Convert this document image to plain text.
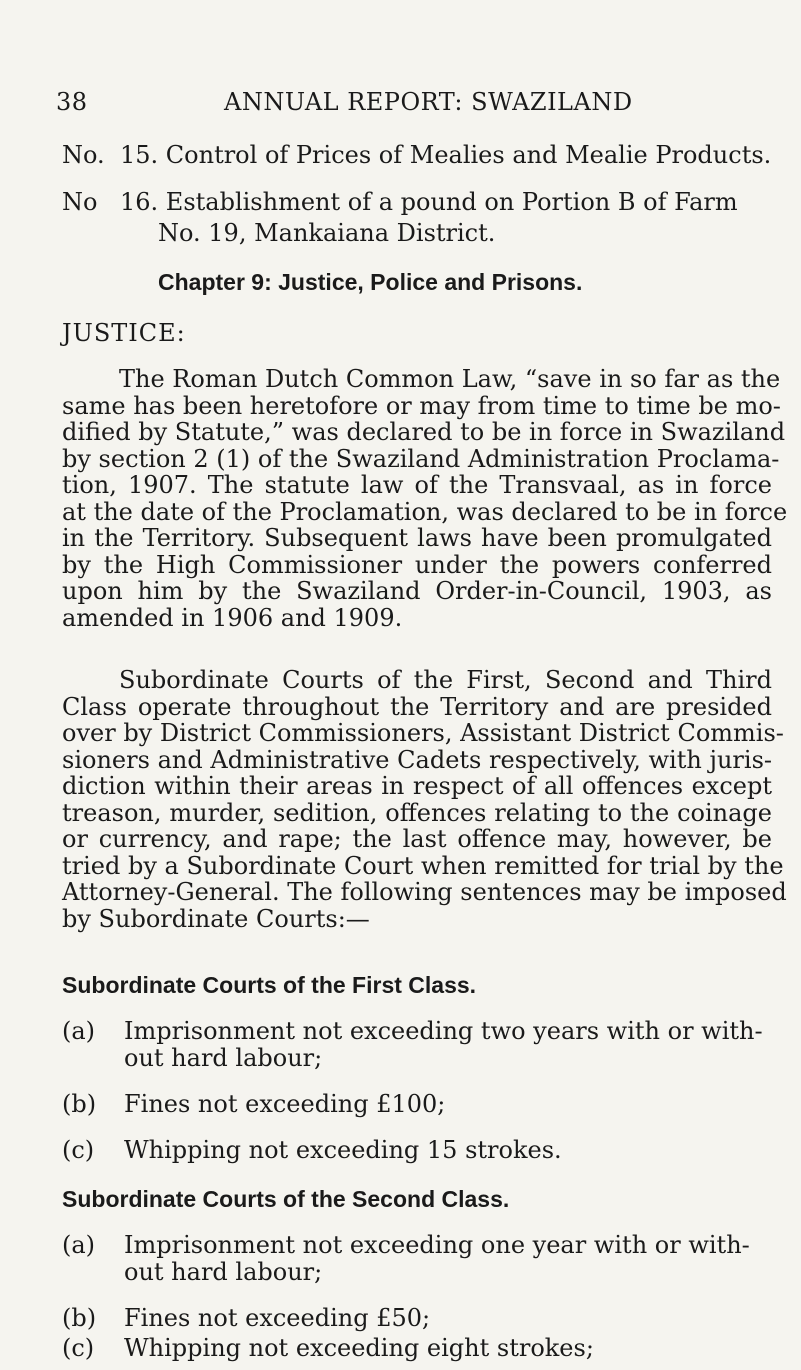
38	ANNUAL REPORT: SWAZILAND
No. 15. Control of Prices of Mealies and Mealie Products.
No 16. Establishment of a pound on Portion B of Farm
No. 19, Mankaiana District.
Chapter 9: Justice, Police and Prisons.
JUSTICE:
The Roman Dutch Common Law, “save in so far as the
same has been heretofore or may from time to time be mo-
dified by Statute,” was declared to be in force in Swaziland
by section 2 (1) of the Swaziland Administration Proclama-
tion, 1907. The statute law of the Transvaal, as in force
at the date of the Proclamation, was declared to be in force
in the Territory. Subsequent laws have been promulgated
by the High Commissioner under the powers conferred
upon him by the Swaziland Order-in-Council, 1903, as
amended in 1906 and 1909.
Subordinate Courts of the First, Second and Third
Class operate throughout the Territory and are presided
over by District Commissioners, Assistant District Commis-
sioners and Administrative Cadets respectively, with juris-
diction within their areas in respect of all offences except
treason, murder, sedition, offences relating to the coinage
or currency, and rape; the last offence may, however, be
tried by a Subordinate Court when remitted for trial by the
Attorney-General. The following sentences may be imposed
by Subordinate Courts:—
Subordinate Courts of the First Class.
(a) Imprisonment not exceeding two years with or with-
out hard labour;
(b) Fines not exceeding £100;
(c) Whipping not exceeding 15 strokes.
Subordinate Courts of the Second Class.
(a) Imprisonment not exceeding one year with or with-
out hard labour;
(b) Fines not exceeding £50;
(c) Whipping not exceeding eight strokes;
